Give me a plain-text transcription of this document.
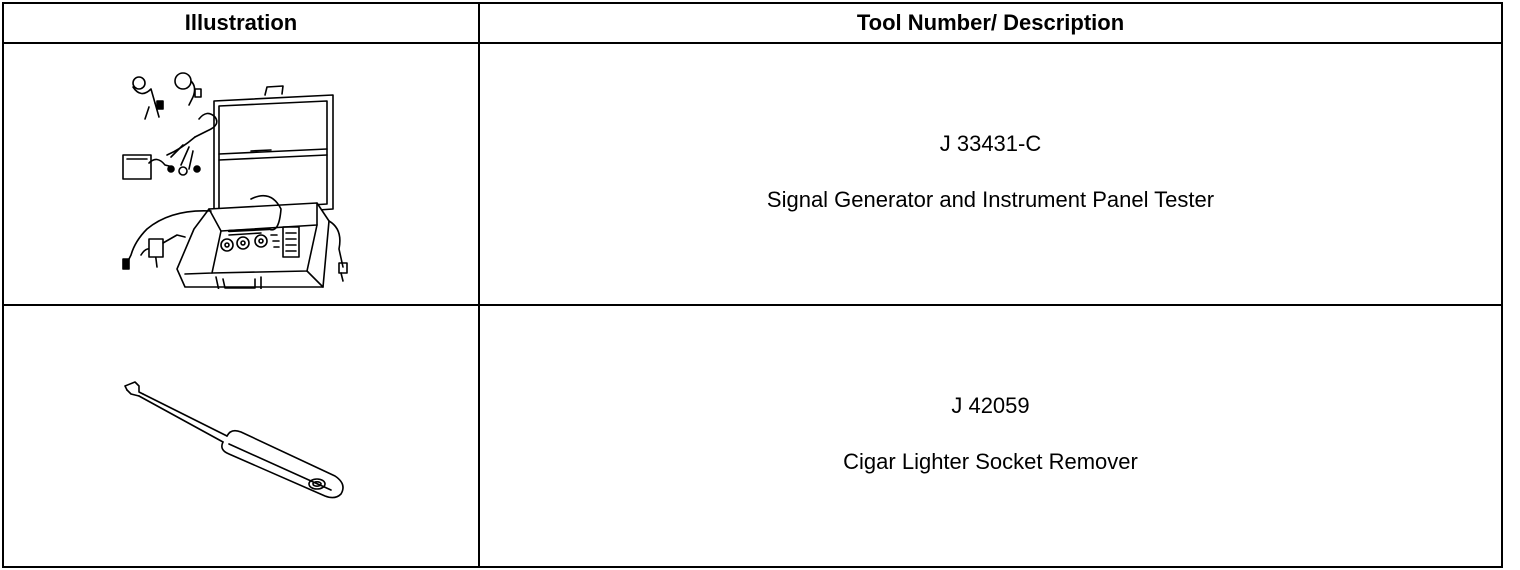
Illustration	Tool Number/ Description

J 33431-C
Signal Generator and Instrument Panel Tester

J 42059
Cigar Lighter Socket Remover
